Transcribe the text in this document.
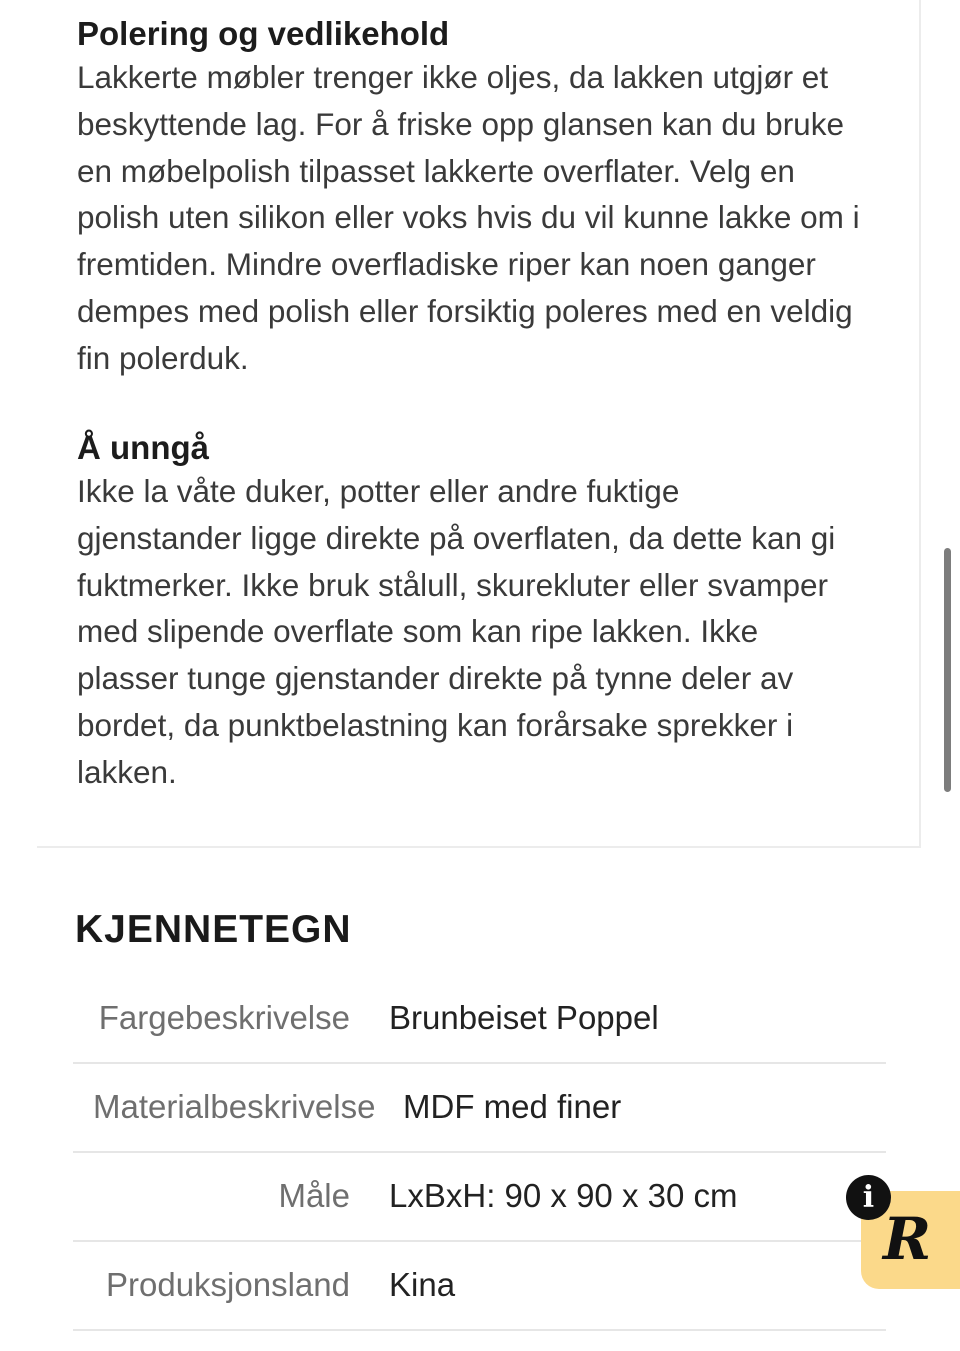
Polering og vedlikehold

Lakkerte møbler trenger ikke oljes, da lakken utgjør et
beskyttende lag. For å friske opp glansen kan du bruke
en møbelpolish tilpasset lakkerte overflater. Velg en
polish uten silikon eller voks hvis du vil kunne lakke om i
fremtiden. Mindre overfladiske riper kan noen ganger
dempes med polish eller forsiktig poleres med en veldig
fin polerduk.

Å unngå

Ikke la våte duker, potter eller andre fuktige
gjenstander ligge direkte på overflaten, da dette kan gi
fuktmerker. Ikke bruk stålull, skurekluter eller svamper
med slipende overflate som kan ripe lakken. Ikke
plasser tunge gjenstander direkte på tynne deler av
bordet, da punktbelastning kan forårsake sprekker i
lakken.

KJENNETEGN
Fargebeskrivelse Brunbeiset Poppel
Materialbeskrivelse MDF med finer
Måle LxBxH: 90 x 90 x 30 cm
Produksjonsland Kina
R
i
